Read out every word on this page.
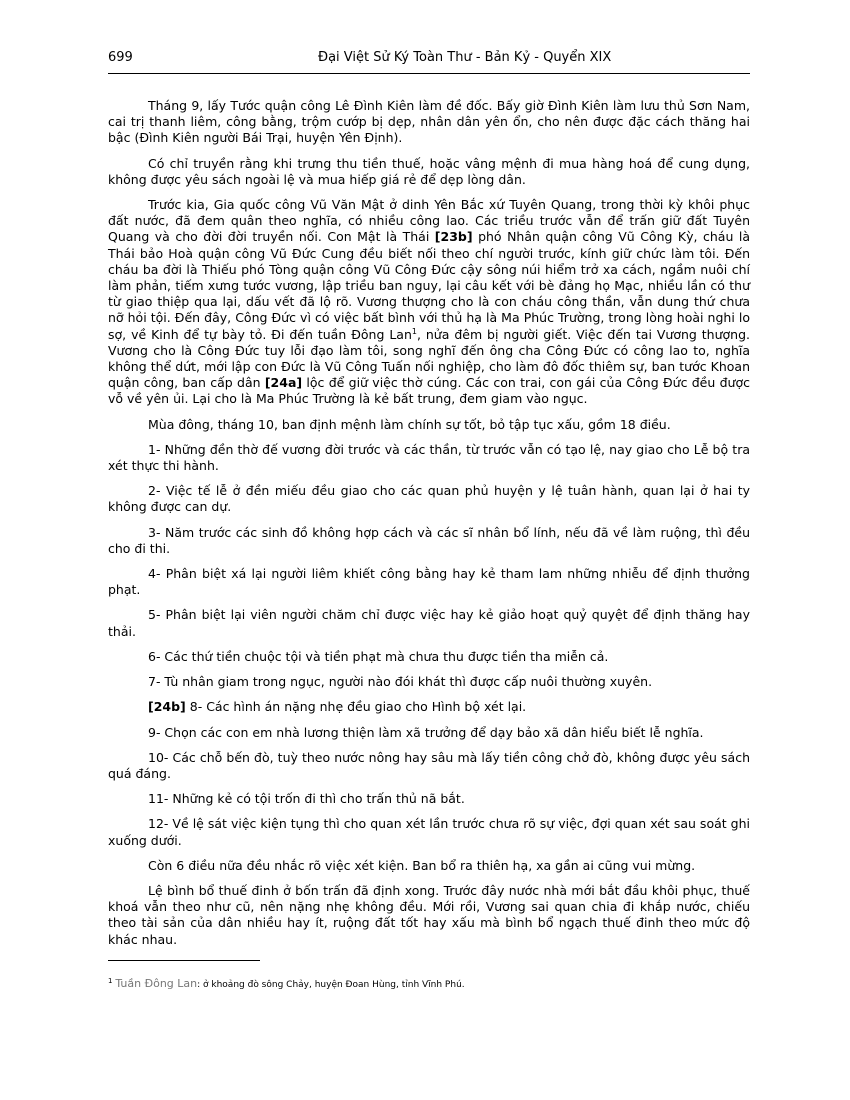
699	Đại Việt Sử Ký Toàn Thư - Bản Kỷ - Quyển XIX

Tháng 9, lấy Tước quận công Lê Đình Kiên làm đề đốc. Bấy giờ Đình Kiên làm lưu thủ Sơn Nam, cai trị thanh liêm, công bằng, trộm cướp bị dẹp, nhân dân yên ổn, cho nên được đặc cách thăng hai bậc (Đình Kiên người Bái Trại, huyện Yên Định).

Có chỉ truyền rằng khi trưng thu tiền thuế, hoặc vâng mệnh đi mua hàng hoá để cung dụng, không được yêu sách ngoài lệ và mua hiếp giá rẻ để dẹp lòng dân.

Trước kia, Gia quốc công Vũ Văn Mật ở dinh Yên Bắc xứ Tuyên Quang, trong thời kỳ khôi phục đất nước, đã đem quân theo nghĩa, có nhiều công lao. Các triều trước vẫn để trấn giữ đất Tuyên Quang và cho đời đời truyền nối. Con Mật là Thái [23b] phó Nhân quận công Vũ Công Kỳ, cháu là Thái bảo Hoà quận công Vũ Đức Cung đều biết nối theo chí người trước, kính giữ chức làm tôi. Đến cháu ba đời là Thiếu phó Tòng quận công Vũ Công Đức cậy sông núi hiểm trở xa cách, ngầm nuôi chí làm phản, tiếm xưng tước vương, lập triều ban nguy, lại câu kết với bè đảng họ Mạc, nhiều lần có thư từ giao thiệp qua lại, dấu vết đã lộ rõ. Vương thượng cho là con cháu công thần, vẫn dung thứ chưa nỡ hỏi tội. Đến đây, Công Đức vì có việc bất bình với thủ hạ là Ma Phúc Trường, trong lòng hoài nghi lo sợ, về Kinh để tự bày tỏ. Đi đến tuần Đông Lan$^1$, nửa đêm bị người giết. Việc đến tai Vương thượng. Vương cho là Công Đức tuy lỗi đạo làm tôi, song nghĩ đến ông cha Công Đức có công lao to, nghĩa không thể dứt, mới lập con Đức là Vũ Công Tuấn nối nghiệp, cho làm đô đốc thiêm sự, ban tước Khoan quận công, ban cấp dân [24a] lộc để giữ việc thờ cúng. Các con trai, con gái của Công Đức đều được vỗ về yên ủi. Lại cho là Ma Phúc Trường là kẻ bất trung, đem giam vào ngục.

Mùa đông, tháng 10, ban định mệnh làm chính sự tốt, bỏ tập tục xấu, gồm 18 điều.

1- Những đền thờ đế vương đời trước và các thần, từ trước vẫn có tạo lệ, nay giao cho Lễ bộ tra xét thực thi hành.

2- Việc tế lễ ở đền miếu đều giao cho các quan phủ huyện y lệ tuân hành, quan lại ở hai ty không được can dự.

3- Năm trước các sinh đồ không hợp cách và các sĩ nhân bổ lính, nếu đã về làm ruộng, thì đều cho đi thi.

4- Phân biệt xá lại người liêm khiết công bằng hay kẻ tham lam những nhiễu để định thưởng phạt.

5- Phân biệt lại viên người chăm chỉ được việc hay kẻ giảo hoạt quỷ quyệt để định thăng hay thải.

6- Các thứ tiền chuộc tội và tiền phạt mà chưa thu được tiền tha miễn cả.

7- Tù nhân giam trong ngục, người nào đói khát thì được cấp nuôi thường xuyên.

[24b] 8- Các hình án nặng nhẹ đều giao cho Hình bộ xét lại.

9- Chọn các con em nhà lương thiện làm xã trưởng để dạy bảo xã dân hiểu biết lễ nghĩa.

10- Các chỗ bến đò, tuỳ theo nước nông hay sâu mà lấy tiền công chở đò, không được yêu sách quá đáng.

11- Những kẻ có tội trốn đi thì cho trấn thủ nã bắt.

12- Về lệ sát việc kiện tụng thì cho quan xét lần trước chưa rõ sự việc, đợi quan xét sau soát ghi xuống dưới.

Còn 6 điều nữa đều nhắc rõ việc xét kiện. Ban bổ ra thiên hạ, xa gần ai cũng vui mừng.

Lệ bình bổ thuế đinh ở bốn trấn đã định xong. Trước đây nước nhà mới bắt đầu khôi phục, thuế khoá vẫn theo như cũ, nên nặng nhẹ không đều. Mới rồi, Vương sai quan chia đi khắp nước, chiếu theo tài sản của dân nhiều hay ít, ruộng đất tốt hay xấu mà bình bổ ngạch thuế đinh theo mức độ khác nhau.

$^1$ Tuần Đông Lan: ở khoảng đò sông Chảy, huyện Đoan Hùng, tỉnh Vĩnh Phú.
